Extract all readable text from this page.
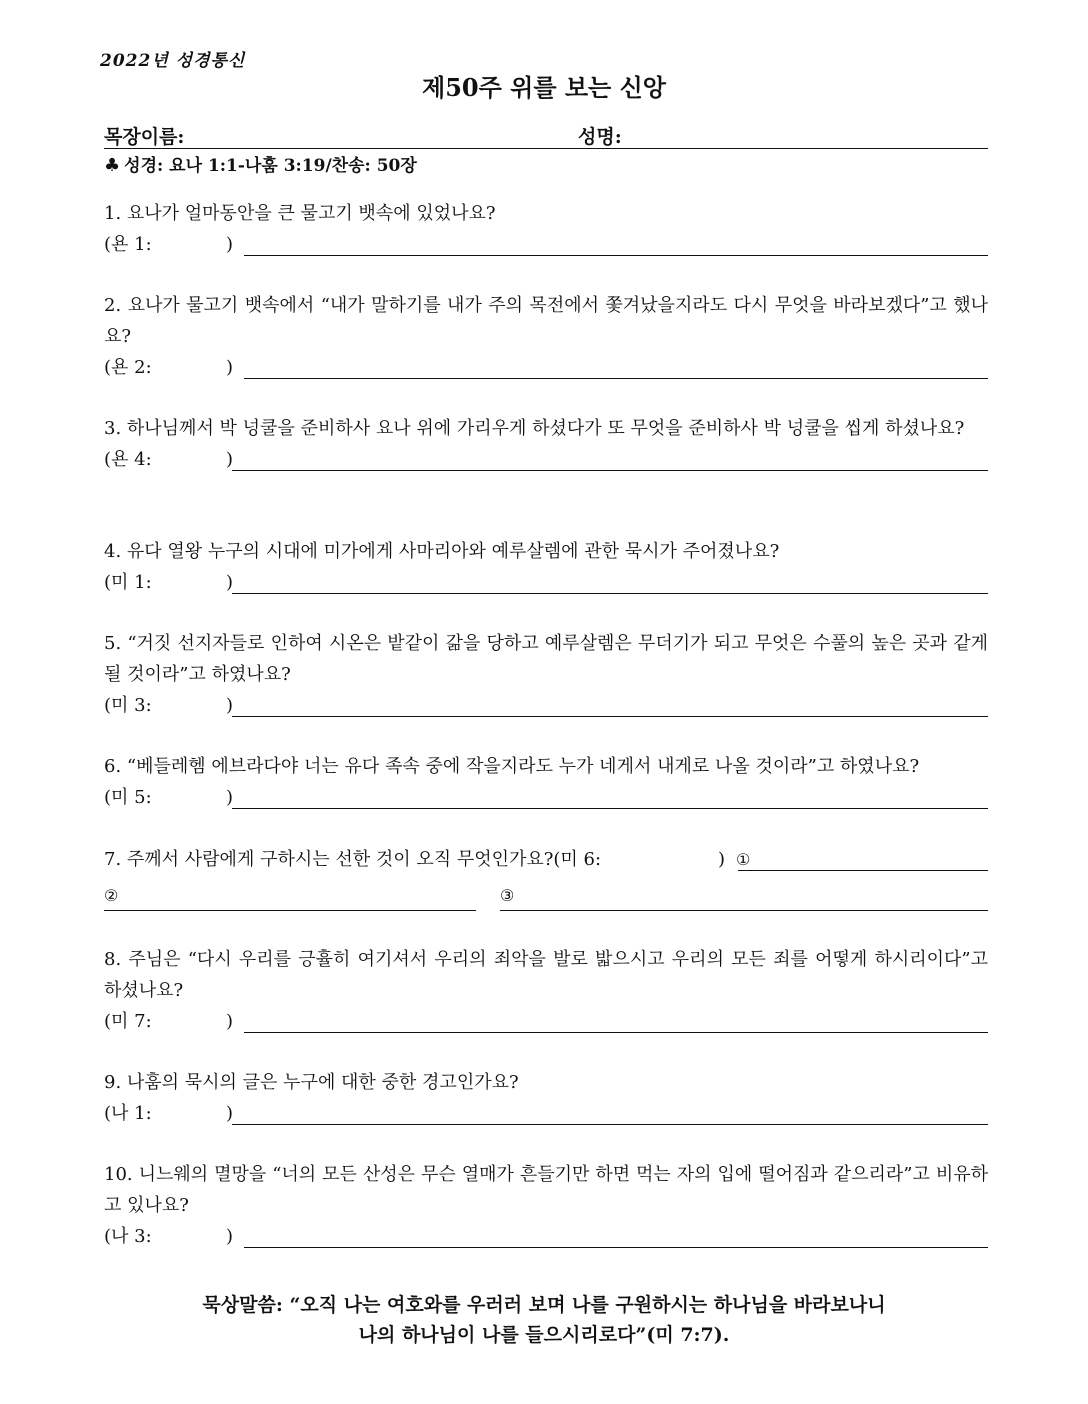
2022년 성경통신
제50주 위를 보는 신앙
목장이름:	성명:
♣ 성경: 요나 1:1-나훔 3:19/찬송: 50장
1. 요나가 얼마동안을 큰 물고기 뱃속에 있었나요?
(욘 1:	)
2. 요나가 물고기 뱃속에서 “내가 말하기를 내가 주의 목전에서 쫓겨났을지라도 다시 무엇을 바라보겠다”고 했나요?
(욘 2:	)
3. 하나님께서 박 넝쿨을 준비하사 요나 위에 가리우게 하셨다가 또 무엇을 준비하사 박 넝쿨을 씹게 하셨나요?
(욘 4:	)
4. 유다 열왕 누구의 시대에 미가에게 사마리아와 예루살렘에 관한 묵시가 주어졌나요?
(미 1:	)
5. “거짓 선지자들로 인하여 시온은 밭같이 갊을 당하고 예루살렘은 무더기가 되고 무엇은 수풀의 높은 곳과 같게 될 것이라”고 하였나요?
(미 3:	)
6. “베들레헴 에브라다야 너는 유다 족속 중에 작을지라도 누가 네게서 내게로 나올 것이라”고 하였나요?
(미 5:	)
7. 주께서 사람에게 구하시는 선한 것이 오직 무엇인가요?(미 6:	) ①
②	③
8. 주님은 “다시 우리를 긍휼히 여기셔서 우리의 죄악을 발로 밟으시고 우리의 모든 죄를 어떻게 하시리이다”고 하셨나요?
(미 7:	)
9. 나훔의 묵시의 글은 누구에 대한 중한 경고인가요?
(나 1:	)
10. 니느웨의 멸망을 “너의 모든 산성은 무슨 열매가 흔들기만 하면 먹는 자의 입에 떨어짐과 같으리라”고 비유하고 있나요?
(나 3:	)
묵상말씀: “오직 나는 여호와를 우러러 보며 나를 구원하시는 하나님을 바라보나니
나의 하나님이 나를 들으시리로다”(미 7:7).
